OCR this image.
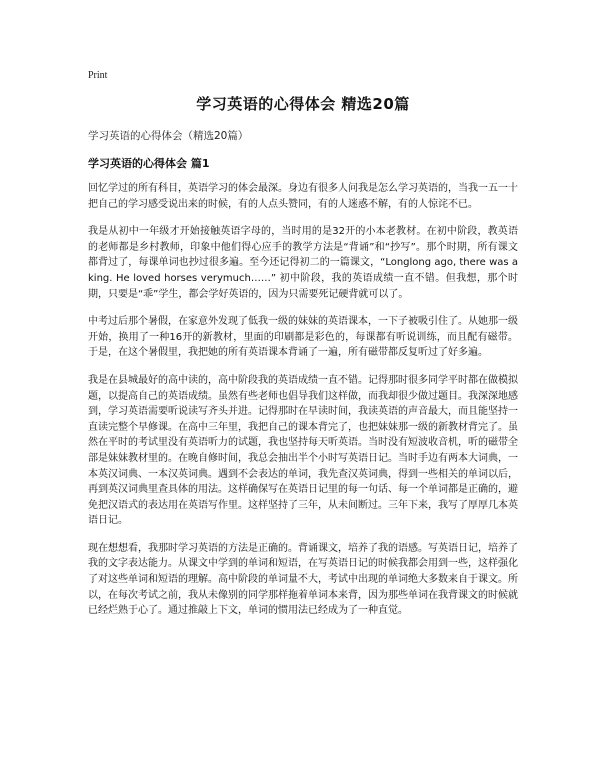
Print
学习英语的心得体会 精选20篇
学习英语的心得体会（精选20篇）
学习英语的心得体会 篇1

回忆学过的所有科目，英语学习的体会最深。身边有很多人问我是怎么学习英语的，当我一五一十把自己的学习感受说出来的时候，有的人点头赞同，有的人迷惑不解，有的人惊诧不已。

我是从初中一年级才开始接触英语字母的，当时用的是32开的小本老教材。在初中阶段，教英语的老师都是乡村教师，印象中他们得心应手的教学方法是“背诵”和“抄写”。那个时期，所有课文都背过了，每课单词也抄过很多遍。至今还记得初二的一篇课文，“Longlong ago, there was a king. He loved horses verymuch……” 初中阶段，我的英语成绩一直不错。但我想，那个时期，只要是“乖”学生，都会学好英语的，因为只需要死记硬背就可以了。

中考过后那个暑假，在家意外发现了低我一级的妹妹的英语课本，一下子被吸引住了。从她那一级开始，换用了一种16开的新教材，里面的印刷都是彩色的，每课都有听说训练，而且配有磁带。于是，在这个暑假里，我把她的所有英语课本背诵了一遍，所有磁带都反复听过了好多遍。

我是在县城最好的高中读的，高中阶段我的英语成绩一直不错。记得那时很多同学平时都在做模拟题，以提高自己的英语成绩。虽然有些老师也倡导我们这样做，而我却很少做过题目。我深深地感到，学习英语需要听说读写齐头并进。记得那时在早读时间，我读英语的声音最大，而且能坚持一直读完整个早修课。在高中三年里，我把自己的课本背完了，也把妹妹那一级的新教材背完了。虽然在平时的考试里没有英语听力的试题，我也坚持每天听英语。当时没有短波收音机，听的磁带全部是妹妹教材里的。在晚自修时间，我总会抽出半个小时写英语日记。当时手边有两本大词典，一本英汉词典、一本汉英词典。遇到不会表达的单词，我先查汉英词典，得到一些相关的单词以后，再到英汉词典里查具体的用法。这样确保写在英语日记里的每一句话、每一个单词都是正确的，避免把汉语式的表达用在英语写作里。这样坚持了三年，从未间断过。三年下来，我写了厚厚几本英语日记。

现在想想看，我那时学习英语的方法是正确的。背诵课文，培养了我的语感。写英语日记，培养了我的文字表达能力。从课文中学到的单词和短语，在写英语日记的时候我都会用到一些，这样强化了对这些单词和短语的理解。高中阶段的单词量不大，考试中出现的单词绝大多数来自于课文。所以，在每次考试之前，我从未像别的同学那样拖着单词本来背，因为那些单词在我背课文的时候就已经烂熟于心了。通过推敲上下文，单词的惯用法已经成为了一种直觉。
